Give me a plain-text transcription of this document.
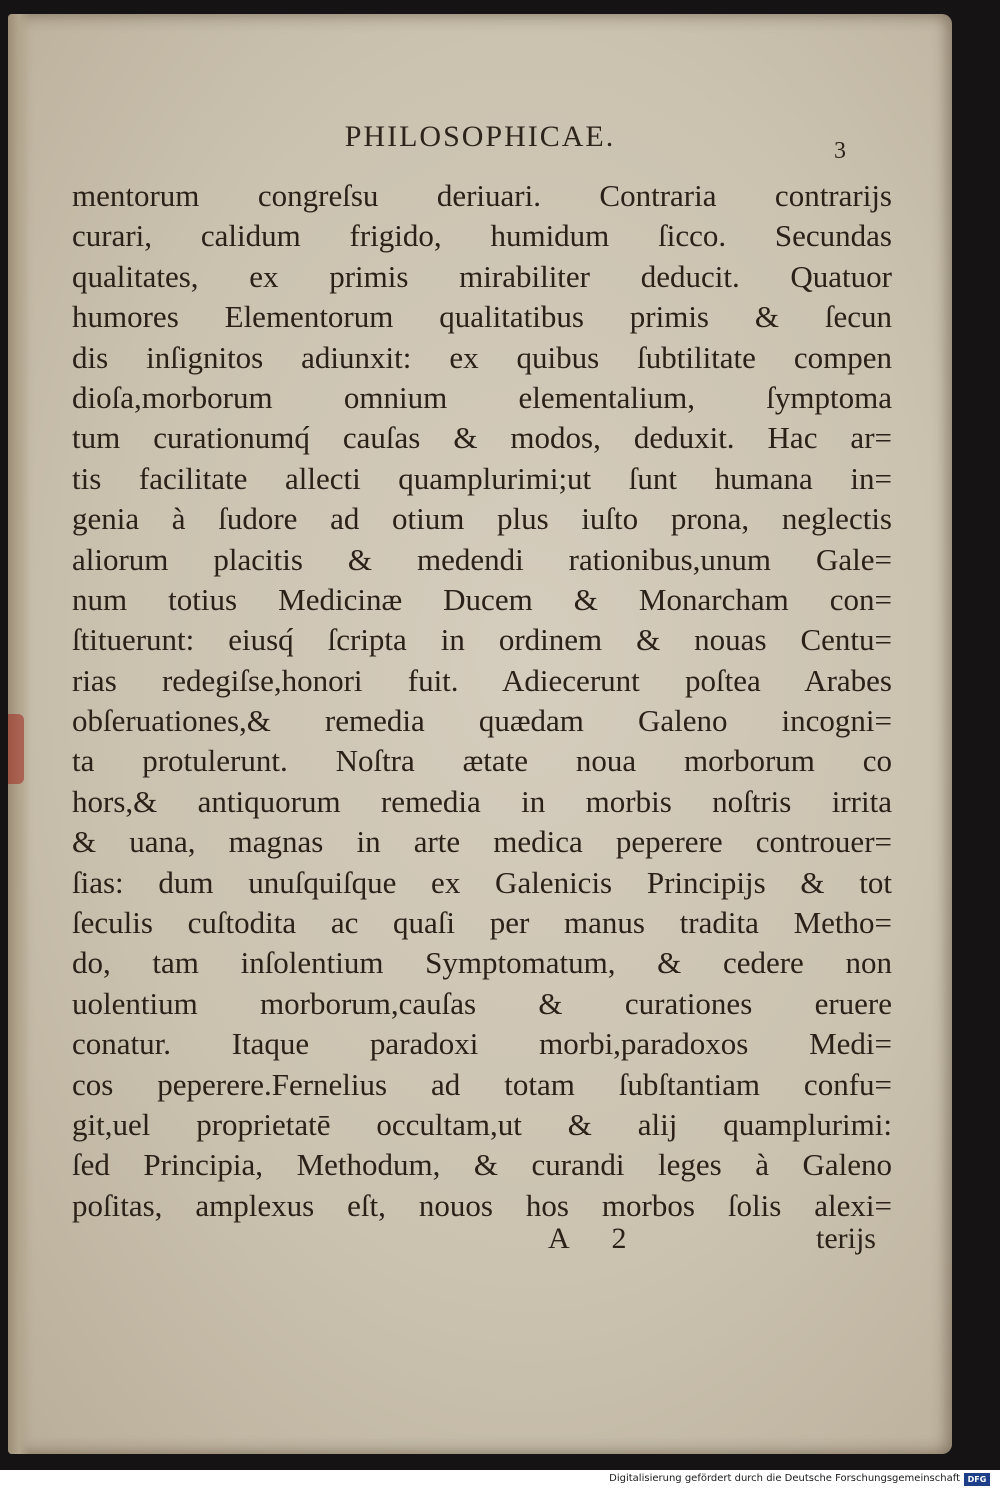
PHILOSOPHICAE.	3
mentorum congreſsu deriuari. Contraria contrarijs
curari, calidum frigido, humidum ſicco. Secundas
qualitates, ex primis mirabiliter deducit. Quatuor
humores Elementorum qualitatibus primis & ſecun
dis inſignitos adiunxit: ex quibus ſubtilitate compen
dioſa,morborum omnium elementalium, ſymptoma
tum curationumq́ cauſas & modos, deduxit. Hac ar=
tis facilitate allecti quamplurimi;ut ſunt humana in=
genia à ſudore ad otium plus iuſto prona, neglectis
aliorum placitis & medendi rationibus,unum Gale=
num totius Medicinæ Ducem & Monarcham con=
ſtituerunt: eiusq́ ſcripta in ordinem & nouas Centu=
rias redegiſse,honori fuit. Adiecerunt poſtea Arabes
obſeruationes,& remedia quædam Galeno incogni=
ta protulerunt. Noſtra ætate noua morborum co
hors,& antiquorum remedia in morbis noſtris irrita
& uana, magnas in arte medica peperere controuer=
ſias: dum unuſquiſque ex Galenicis Principijs & tot
ſeculis cuſtodita ac quaſi per manus tradita Metho=
do, tam inſolentium Symptomatum, & cedere non
uolentium morborum,cauſas & curationes eruere
conatur. Itaque paradoxi morbi,paradoxos Medi=
cos peperere.Fernelius ad totam ſubſtantiam confu=
git,uel proprietatē occultam,ut & alij quamplurimi:
ſed Principia, Methodum, & curandi leges à Galeno
poſitas, amplexus eſt, nouos hos morbos ſolis alexi=
A 2	terijs
Digitalisierung gefördert durch die Deutsche Forschungsgemeinschaft DFG
